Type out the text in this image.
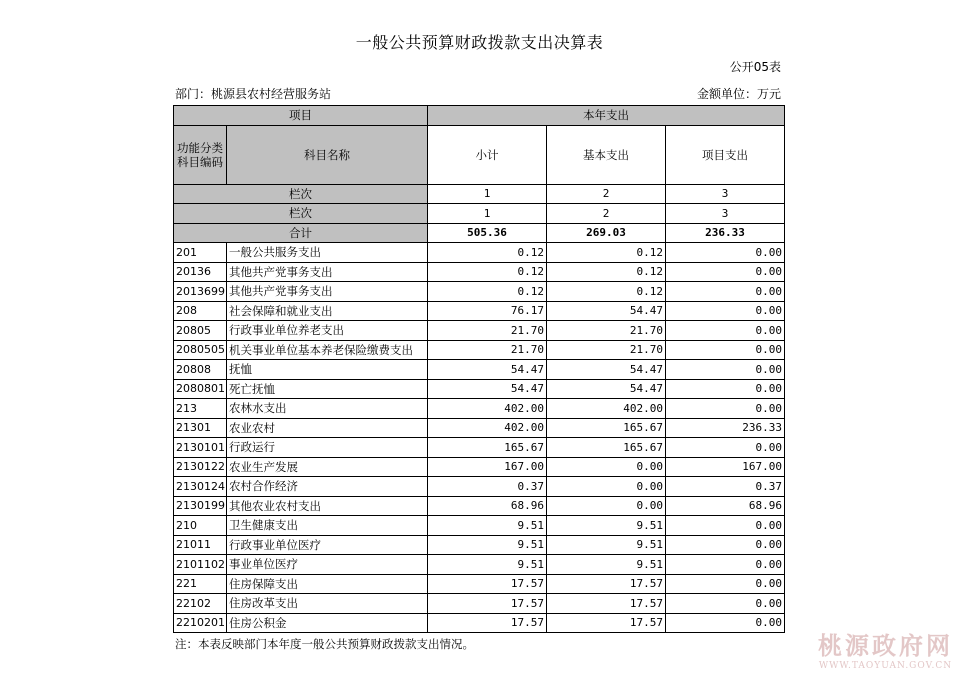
一般公共预算财政拨款支出决算表
公开05表
部门：桃源县农村经营服务站	金额单位：万元
项目		本年支出		
功能分类科目编码	科目名称	小计	基本支出	项目支出
栏次		1	2	3
栏次		1	2	3
合计		505.36	269.03	236.33
201	一般公共服务支出	0.12	0.12	0.00
20136	其他共产党事务支出	0.12	0.12	0.00
2013699	其他共产党事务支出	0.12	0.12	0.00
208	社会保障和就业支出	76.17	54.47	0.00
20805	行政事业单位养老支出	21.70	21.70	0.00
2080505	机关事业单位基本养老保险缴费支出	21.70	21.70	0.00
20808	抚恤	54.47	54.47	0.00
2080801	死亡抚恤	54.47	54.47	0.00
213	农林水支出	402.00	402.00	0.00
21301	农业农村	402.00	165.67	236.33
2130101	行政运行	165.67	165.67	0.00
2130122	农业生产发展	167.00	0.00	167.00
2130124	农村合作经济	0.37	0.00	0.37
2130199	其他农业农村支出	68.96	0.00	68.96
210	卫生健康支出	9.51	9.51	0.00
21011	行政事业单位医疗	9.51	9.51	0.00
2101102	事业单位医疗	9.51	9.51	0.00
221	住房保障支出	17.57	17.57	0.00
22102	住房改革支出	17.57	17.57	0.00
2210201	住房公积金	17.57	17.57	0.00
注：本表反映部门本年度一般公共预算财政拨款支出情况。	桃源政府网
WWW.TAOYUAN.GOV.CN
